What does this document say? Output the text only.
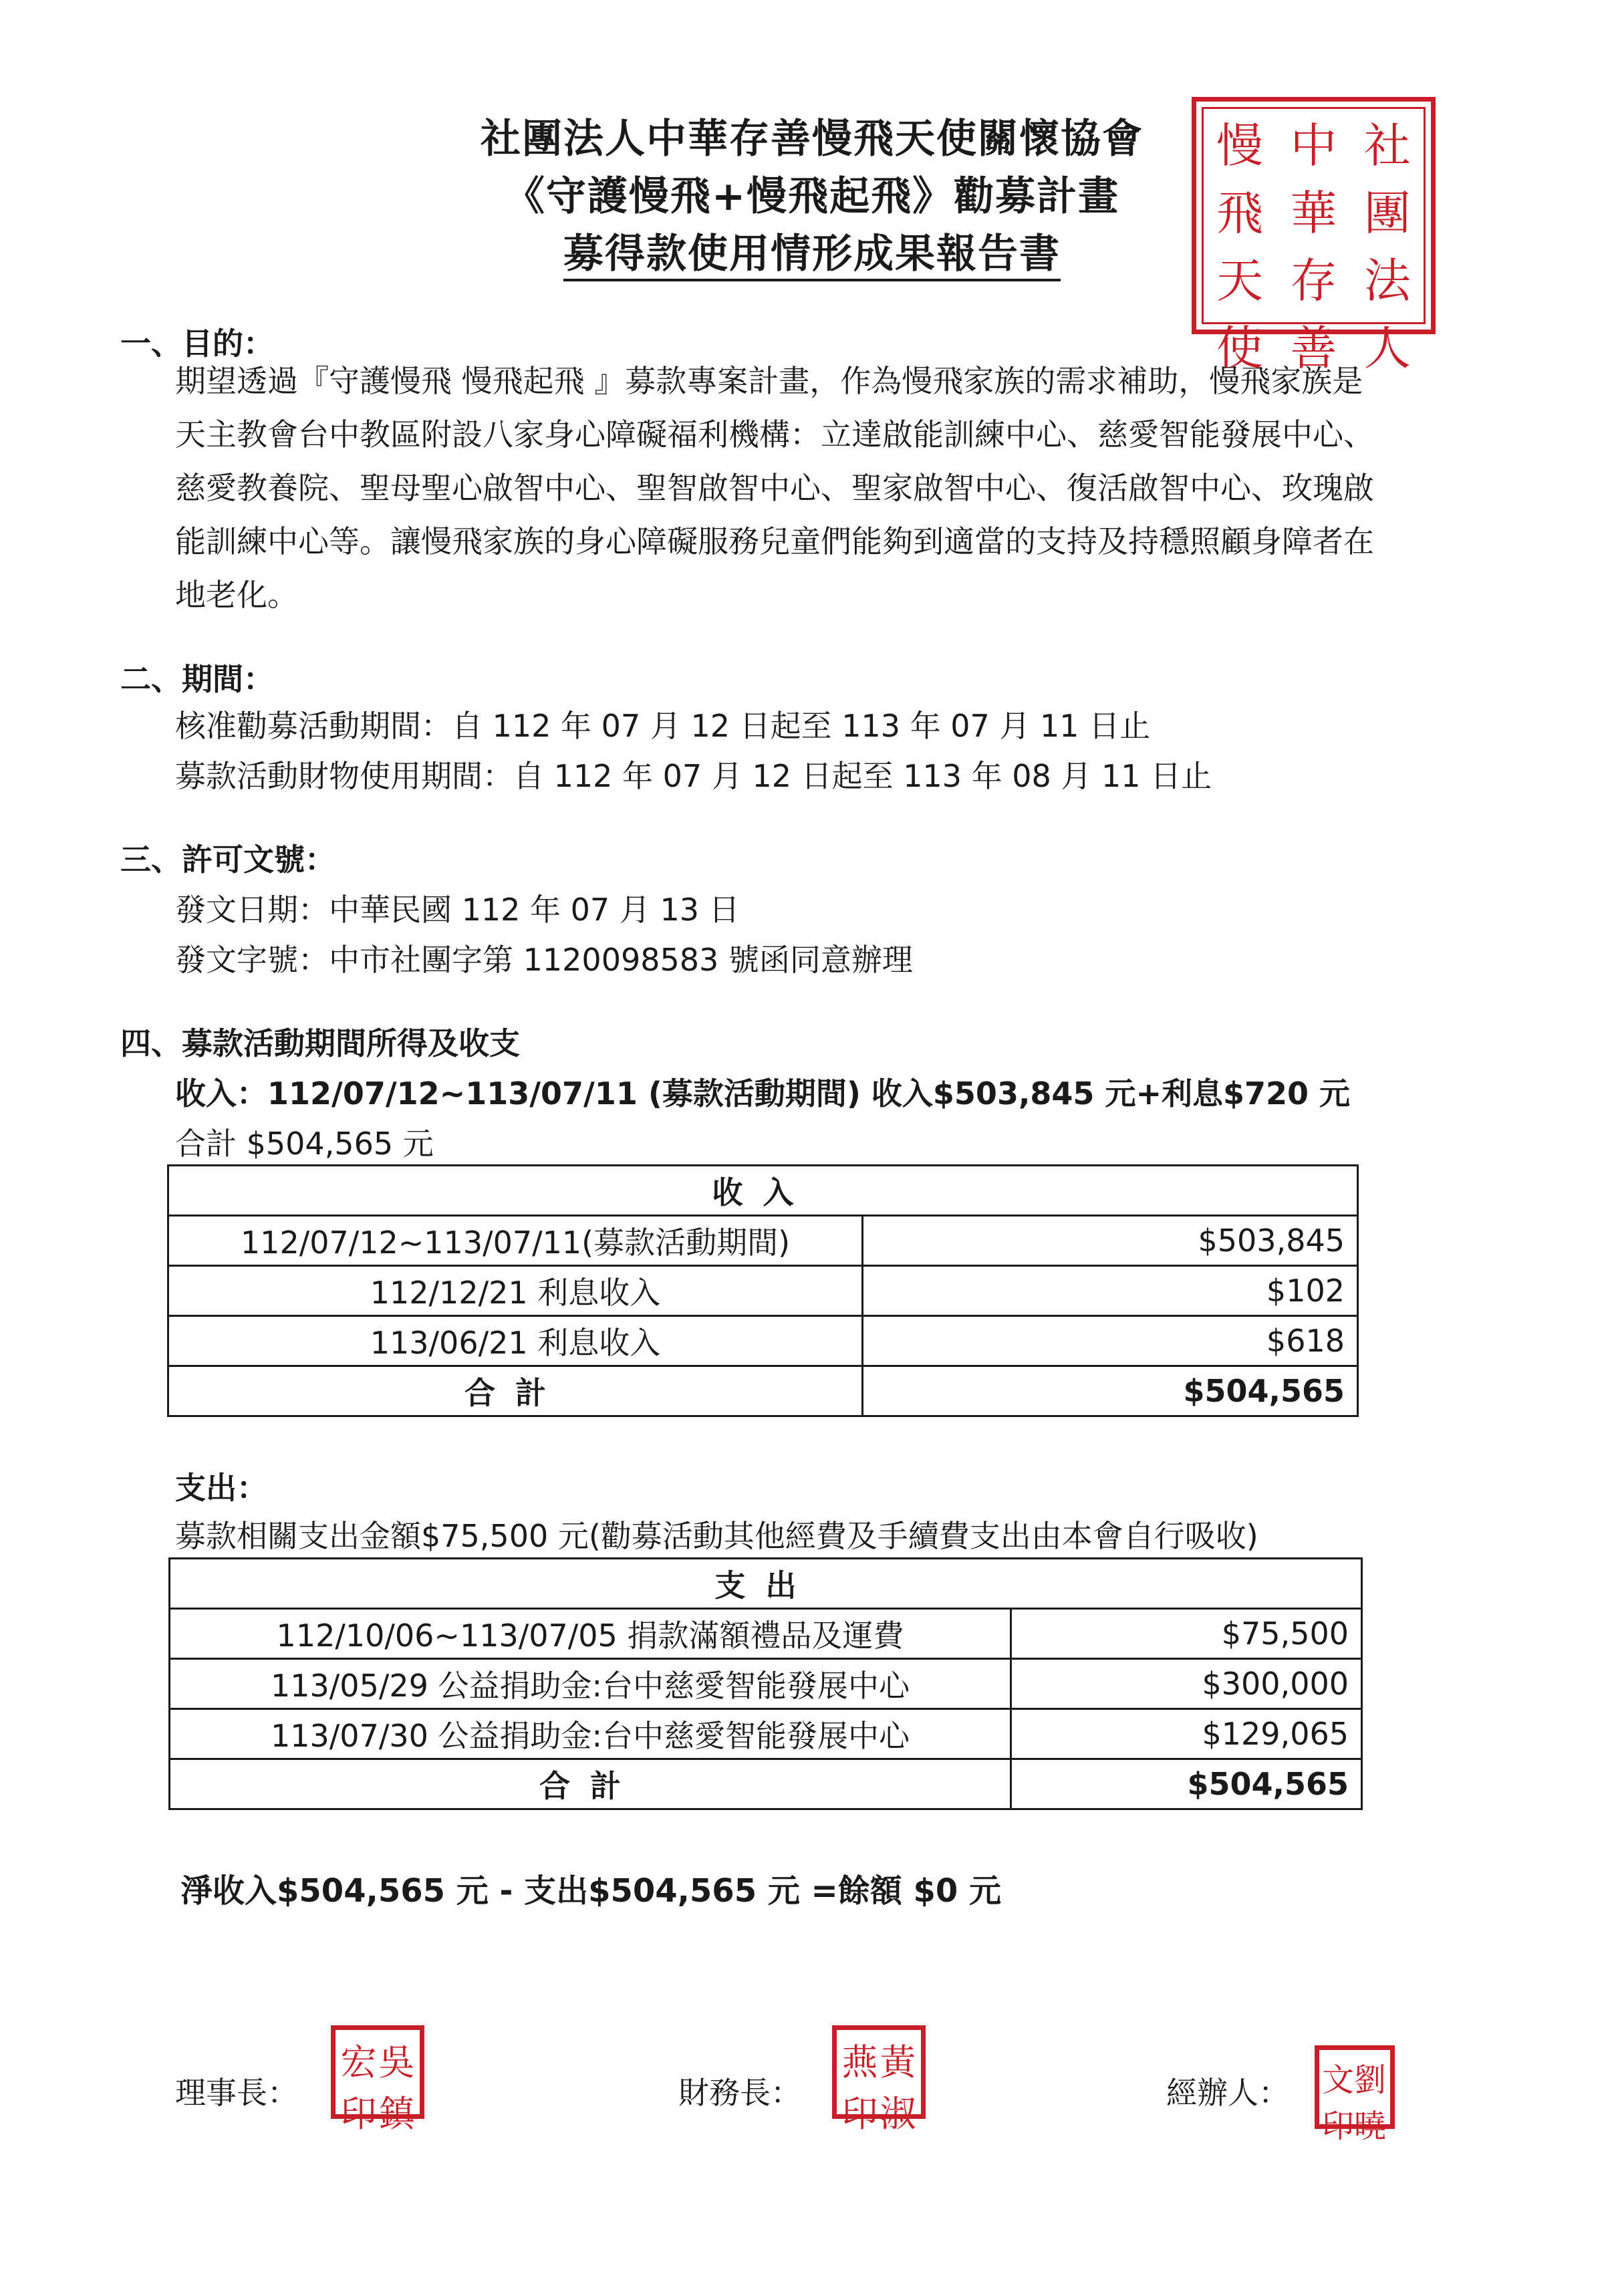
社團法人中華存善慢飛天使關懷協會
《守護慢飛+慢飛起飛》勸募計畫
募得款使用情形成果報告書
社
團
法
人
中
華
存
善
慢
飛
天
使
一、目的：
期望透過『守護慢飛 慢飛起飛 』募款專案計畫，作為慢飛家族的需求補助，慢飛家族是
天主教會台中教區附設八家身心障礙福利機構：立達啟能訓練中心、慈愛智能發展中心、
慈愛教養院、聖母聖心啟智中心、聖智啟智中心、聖家啟智中心、復活啟智中心、玫瑰啟
能訓練中心等。讓慢飛家族的身心障礙服務兒童們能夠到適當的支持及持穩照顧身障者在
地老化。
二、期間：
核准勸募活動期間：自 112 年 07 月 12 日起至 113 年 07 月 11 日止
募款活動財物使用期間：自 112 年 07 月 12 日起至 113 年 08 月 11 日止
三、許可文號：
發文日期：中華民國 112 年 07 月 13 日
發文字號：中市社團字第 1120098583 號函同意辦理
四、募款活動期間所得及收支
收入：112/07/12~113/07/11 (募款活動期間) 收入$503,845 元+利息$720 元
合計 $504,565 元
收入	
112/07/12~113/07/11(募款活動期間)	$503,845
112/12/21 利息收入	$102
113/06/21 利息收入	$618
合計	$504,565
支出：
募款相關支出金額$75,500 元(勸募活動其他經費及手續費支出由本會自行吸收)
支出	
112/10/06~113/07/05 捐款滿額禮品及運費	$75,500
113/05/29 公益捐助金:台中慈愛智能發展中心	$300,000
113/07/30 公益捐助金:台中慈愛智能發展中心	$129,065
合計	$504,565
淨收入$504,565 元 - 支出$504,565 元 =餘額 $0 元
理事長：
吳
鎮
宏
印	財務長：
黃
淑
燕
印	經辦人： 劉
曉
文
印
